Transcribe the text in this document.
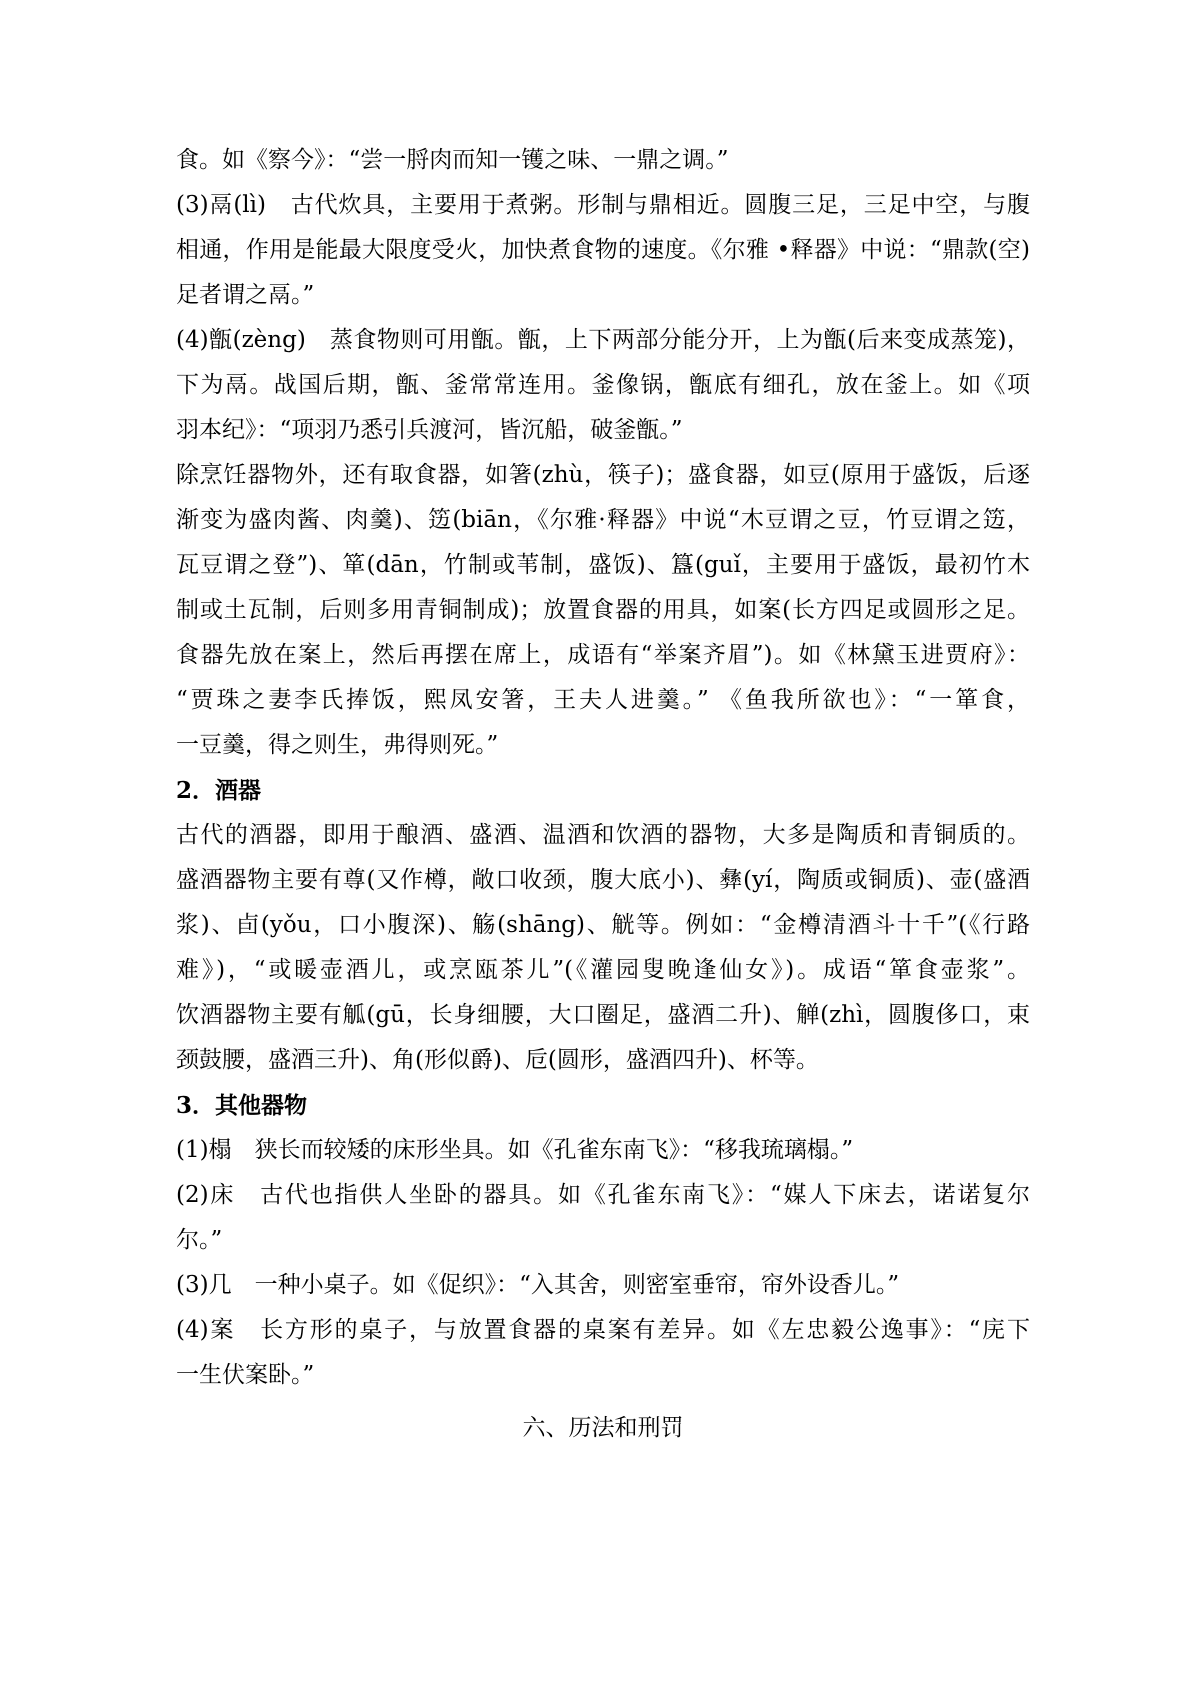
食。如《察今》：“尝一脟肉而知一镬之味、一鼎之调。”
(3)鬲(lì)　古代炊具，主要用于煮粥。形制与鼎相近。圆腹三足，三足中空，与腹
相通，作用是能最大限度受火，加快煮食物的速度。《尔雅 •释器》中说：“鼎款(空)
足者谓之鬲。”
(4)甑(zèng)　蒸食物则可用甑。甑，上下两部分能分开，上为甑(后来变成蒸笼)，
下为鬲。战国后期，甑、釜常常连用。釜像锅，甑底有细孔，放在釜上。如《项
羽本纪》：“项羽乃悉引兵渡河，皆沉船，破釜甑。”
除烹饪器物外，还有取食器，如箸(zhù，筷子)；盛食器，如豆(原用于盛饭，后逐
渐变为盛肉酱、肉羹)、笾(biān，《尔雅·释器》中说“木豆谓之豆，竹豆谓之笾，
瓦豆谓之登”)、箪(dān，竹制或苇制，盛饭)、簋(guǐ，主要用于盛饭，最初竹木
制或土瓦制，后则多用青铜制成)；放置食器的用具，如案(长方四足或圆形之足。
食器先放在案上，然后再摆在席上，成语有“举案齐眉”)。如《林黛玉进贾府》：
“贾珠之妻李氏捧饭，熙凤安箸，王夫人进羹。” 《鱼我所欲也》：“一箪食，
一豆羹，得之则生，弗得则死。”
2．酒器
古代的酒器，即用于酿酒、盛酒、温酒和饮酒的器物，大多是陶质和青铜质的。
盛酒器物主要有尊(又作樽，敞口收颈，腹大底小)、彝(yí，陶质或铜质)、壶(盛酒
浆)、卣(yǒu，口小腹深)、觞(shāng)、觥等。例如：“金樽清酒斗十千”(《行路
难》)，“或暖壶酒儿，或烹瓯茶儿”(《灌园叟晚逢仙女》)。成语“箪食壶浆”。
饮酒器物主要有觚(gū，长身细腰，大口圈足，盛酒二升)、觯(zhì，圆腹侈口，束
颈鼓腰，盛酒三升)、角(形似爵)、卮(圆形，盛酒四升)、杯等。
3．其他器物
(1)榻　狭长而较矮的床形坐具。如《孔雀东南飞》：“移我琉璃榻。”
(2)床　古代也指供人坐卧的器具。如《孔雀东南飞》：“媒人下床去，诺诺复尔
尔。”
(3)几　一种小桌子。如《促织》：“入其舍，则密室垂帘，帘外设香儿。”
(4)案　长方形的桌子，与放置食器的桌案有差异。如《左忠毅公逸事》：“庑下
一生伏案卧。”
六、历法和刑罚
